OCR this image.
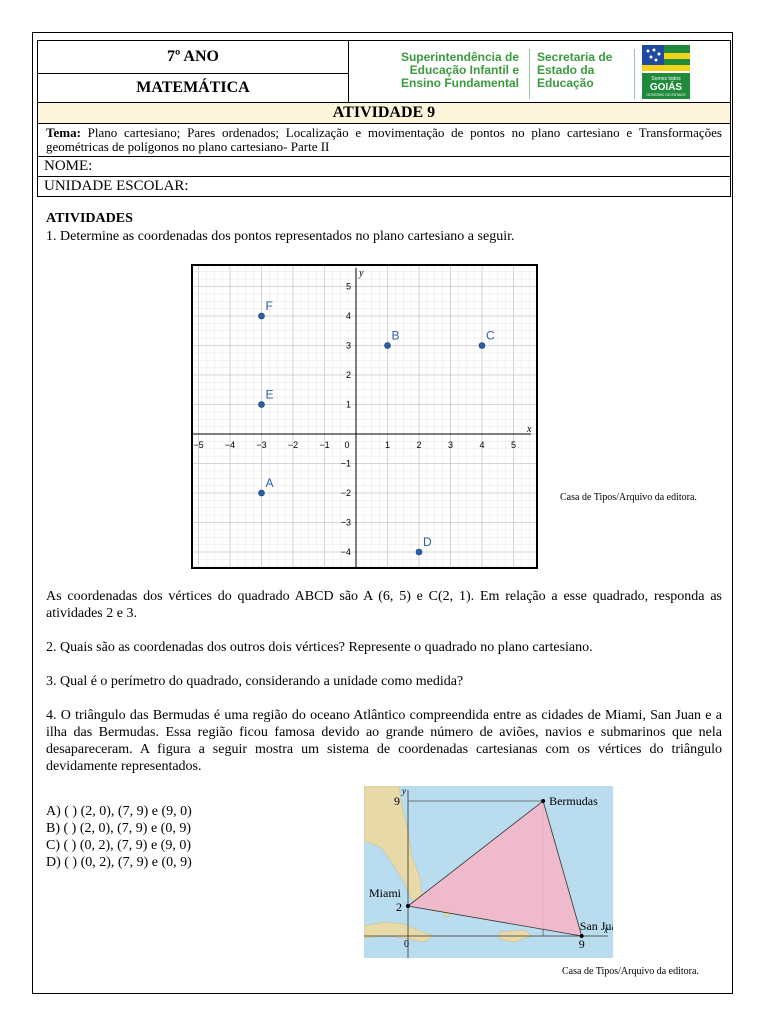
7º ANO	Superintendência de
Educação Infantil e
Ensino Fundamental
Secretaria de
Estado da
Educação	Somos todos
GOIÁS
GOVERNO DO ESTADO

MATEMÁTICA
ATIVIDADE 9
Tema: Plano cartesiano; Pares ordenados; Localização e movimentação de pontos no plano cartesiano e Transformações geométricas de polígonos no plano cartesiano- Parte II
NOME:
UNIDADE ESCOLAR:
ATIVIDADES
1. Determine as coordenadas dos pontos representados no plano cartesiano a seguir.
x
y
−5 −4 −3 −2 −1 0	1	2	3	4	5
5
4
3
2
1
−1
−2
−3
−4
F
B	C
E
A
D
Casa de Tipos/Arquivo da editora.
As coordenadas dos vértices do quadrado ABCD são A (6, 5) e C(2, 1). Em relação a esse quadrado, responda as atividades 2 e 3.
2. Quais são as coordenadas dos outros dois vértices? Represente o quadrado no plano cartesiano.
3. Qual é o perímetro do quadrado, considerando a unidade como medida?
4. O triângulo das Bermudas é uma região do oceano Atlântico compreendida entre as cidades de Miami, San Juan e a ilha das Bermudas. Essa região ficou famosa devido ao grande número de aviões, navios e submarinos que nela desapareceram. A figura a seguir mostra um sistema de coordenadas cartesianas com os vértices do triângulo devidamente representados.
A) ( ) (2, 0), (7, 9) e (9, 0)
B) ( ) (2, 0), (7, 9) e (0, 9)
C) ( ) (0, 2), (7, 9) e (9, 0)
D) ( ) (0, 2), (7, 9) e (0, 9)
y
x
Miami
Bermudas
San Ju
9
2
9
0
Casa de Tipos/Arquivo da editora.
